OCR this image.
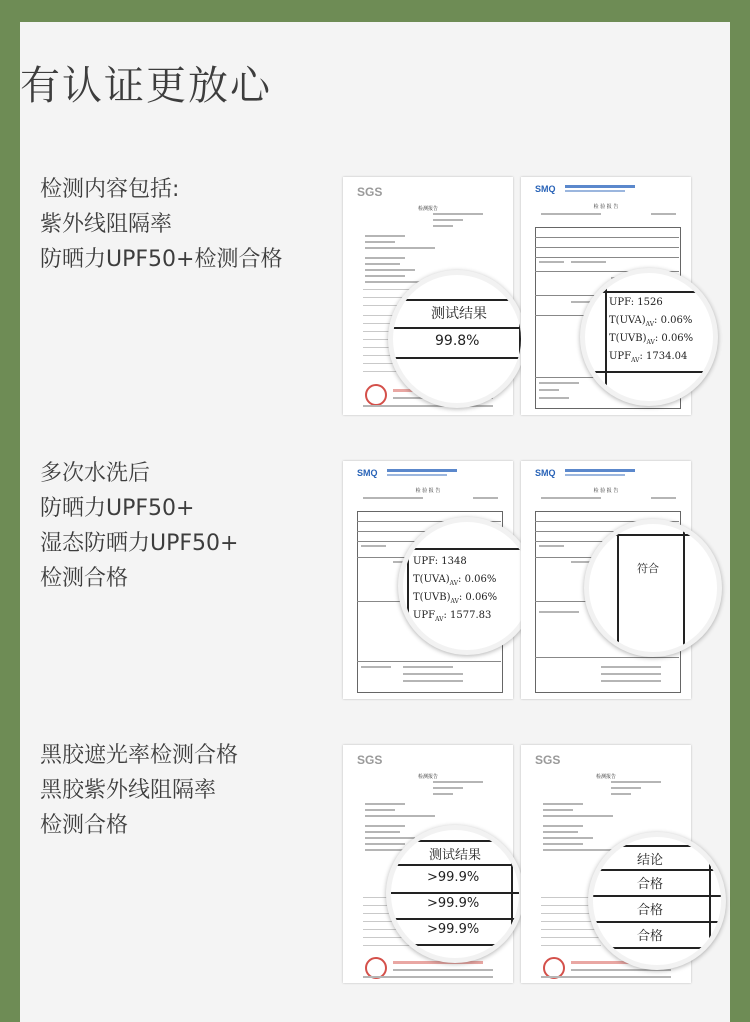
有认证更放心
检测内容包括:
紫外线阻隔率
防晒力UPF50+检测合格
多次水洗后
防晒力UPF50+
湿态防晒力UPF50+
检测合格
黑胶遮光率检测合格
黑胶紫外线阻隔率
检测合格
SGS
检测报告
测试结果
99.8%
SMQ
检 验 报 告
UPF: 1526
$T(UVA)_{AV}$: 0.06%
$T(UVB)_{AV}$: 0.06%
$UPF_{AV}$: 1734.04
SMQ
检 验 报 告
UPF: 1348
$T(UVA)_{AV}$: 0.06%
$T(UVB)_{AV}$: 0.06%
$UPF_{AV}$: 1577.83
SMQ
检 验 报 告
符合
SGS
检测报告
测试结果
>99.9%
>99.9%
>99.9%
SGS
检测报告
结论
合格
合格
合格
